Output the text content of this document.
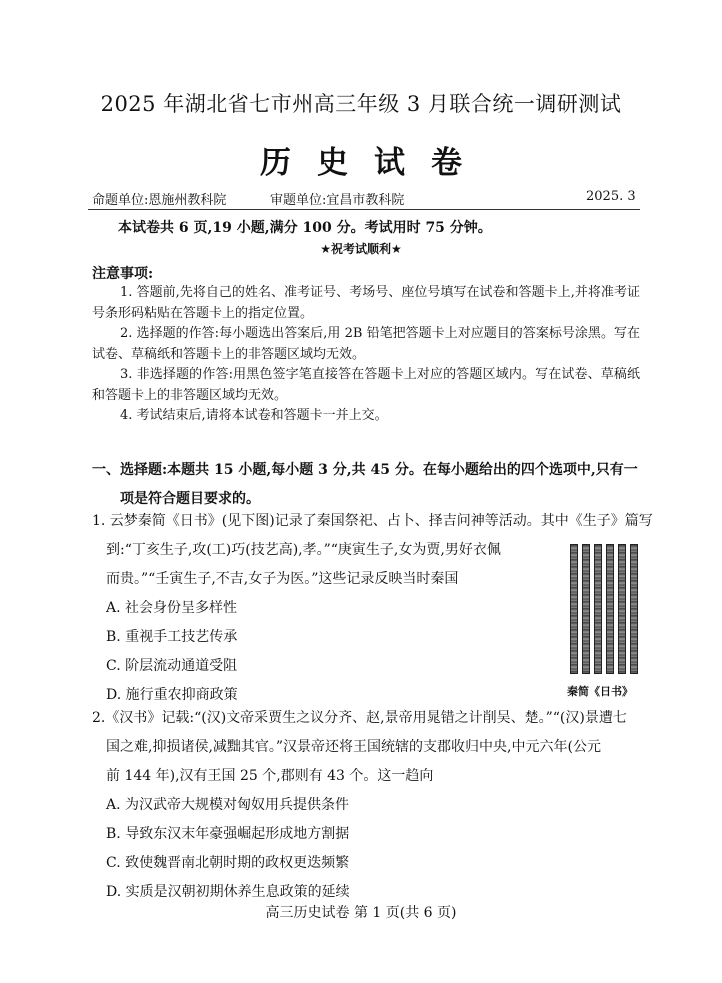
2025 年湖北省七市州高三年级 3 月联合统一调研测试
历史试卷
命题单位:恩施州教科院	审题单位:宜昌市教科院	2025. 3
本试卷共 6 页,19 小题,满分 100 分。考试用时 75 分钟。
★祝考试顺利★
注意事项:

1. 答题前,先将自己的姓名、准考证号、考场号、座位号填写在试卷和答题卡上,并将准考证号条形码粘贴在答题卡上的指定位置。

2. 选择题的作答:每小题选出答案后,用 2B 铅笔把答题卡上对应题目的答案标号涂黑。写在试卷、草稿纸和答题卡上的非答题区域均无效。

3. 非选择题的作答:用黑色签字笔直接答在答题卡上对应的答题区域内。写在试卷、草稿纸和答题卡上的非答题区域均无效。

4. 考试结束后,请将本试卷和答题卡一并上交。

一、选择题:本题共 15 小题,每小题 3 分,共 45 分。在每小题给出的四个选项中,只有一
项是符合题目要求的。
1. 云梦秦简《日书》(见下图)记录了秦国祭祀、占卜、择吉问神等活动。其中《生子》篇写
到:“丁亥生子,攻(工)巧(技艺高),孝。”“庚寅生子,女为贾,男好衣佩
而贵。”“壬寅生子,不吉,女子为医。”这些记录反映当时秦国
A. 社会身份呈多样性
B. 重视手工技艺传承
C. 阶层流动通道受阻
D. 施行重农抑商政策	秦简《日书》
2.《汉书》记载:“(汉)文帝采贾生之议分齐、赵,景帝用晁错之计削吴、楚。”“(汉)景遭七
国之难,抑损诸侯,减黜其官。”汉景帝还将王国统辖的支郡收归中央,中元六年(公元
前 144 年),汉有王国 25 个,郡则有 43 个。这一趋向
A. 为汉武帝大规模对匈奴用兵提供条件
B. 导致东汉末年豪强崛起形成地方割据
C. 致使魏晋南北朝时期的政权更迭频繁
D. 实质是汉朝初期休养生息政策的延续
高三历史试卷 第 1 页(共 6 页)
